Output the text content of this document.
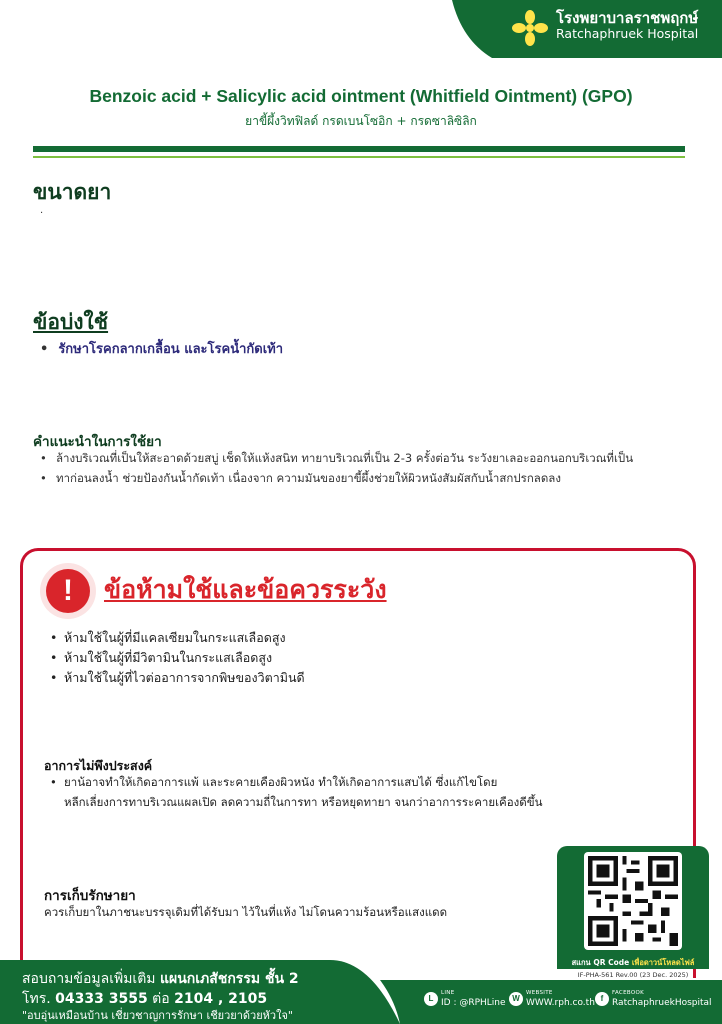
โรงพยาบาลราชพฤกษ์
Ratchaphruek Hospital
Benzoic acid + Salicylic acid ointment (Whitfield Ointment) (GPO)
ยาขี้ผึ้งวิทฟิลด์ กรดเบนโซอิก + กรดซาลิซิลิก
ขนาดยา
·
ข้อบ่งใช้
• รักษาโรคกลากเกลื้อน และโรคน้ำกัดเท้า
คำแนะนำในการใช้ยา
• ล้างบริเวณที่เป็นให้สะอาดด้วยสบู่ เช็ดให้แห้งสนิท ทายาบริเวณที่เป็น 2-3 ครั้งต่อวัน ระวังยาเลอะออกนอกบริเวณที่เป็น
• ทาก่อนลงน้ำ ช่วยป้องกันน้ำกัดเท้า เนื่องจาก ความมันของยาขี้ผึ้งช่วยให้ผิวหนังสัมผัสกับน้ำสกปรกลดลง
!	ข้อห้ามใช้และข้อควรระวัง
• ห้ามใช้ในผู้ที่มีแคลเซียมในกระแสเลือดสูง
• ห้ามใช้ในผู้ที่มีวิตามินในกระแสเลือดสูง
• ห้ามใช้ในผู้ที่ไวต่ออาการจากพิษของวิตามินดี
อาการไม่พึงประสงค์
• ยาน้อาจทำให้เกิดอาการแพ้ และระคายเคืองผิวหนัง ทำให้เกิดอาการแสบได้ ซึ่งแก้ไขโดย
หลีกเลี่ยงการทาบริเวณแผลเปิด ลดความถี่ในการทา หรือหยุดทายา จนกว่าอาการระคายเคืองดีขึ้น
การเก็บรักษายา
ควรเก็บยาในภาชนะบรรจุเดิมที่ได้รับมา ไว้ในที่แห้ง ไม่โดนความร้อนหรือแสงแดด
สแกน QR Code เพื่อดาวน์โหลดไฟล์
IF-PHA-561 Rev.00 (23 Dec. 2025)
สอบถามข้อมูลเพิ่มเติม แผนกเภสัชกรรม ชั้น 2
โทร. 04333 3555 ต่อ 2104 , 2105
"อบอุ่นเหมือนบ้าน เชี่ยวชาญการรักษา เชียวยาด้วยหัวใจ"
L
LINE
ID : @RPHLine W
WEBSITE
WWW.rph.co.th f
FACEBOOK
RatchaphruekHospital
